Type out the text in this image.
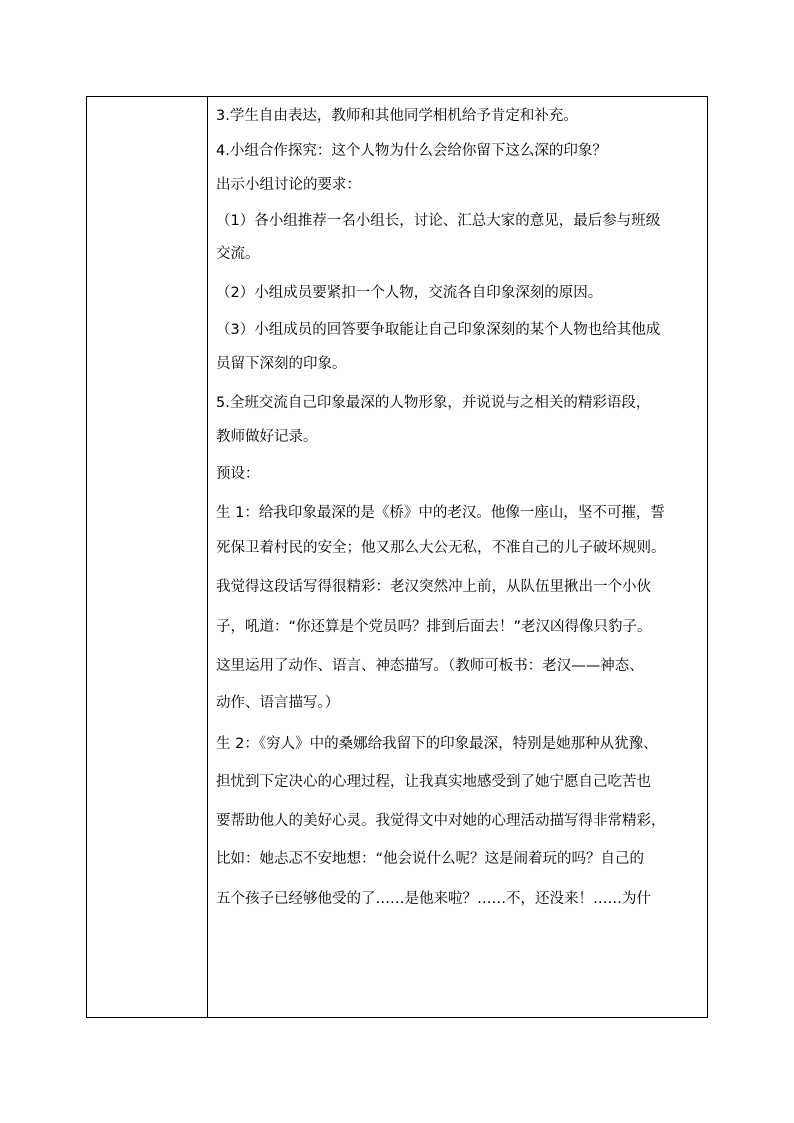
3.学生自由表达，教师和其他同学相机给予肯定和补充。
4.小组合作探究：这个人物为什么会给你留下这么深的印象？
出示小组讨论的要求：
（1）各小组推荐一名小组长，讨论、汇总大家的意见，最后参与班级
交流。
（2）小组成员要紧扣一个人物，交流各自印象深刻的原因。
（3）小组成员的回答要争取能让自己印象深刻的某个人物也给其他成
员留下深刻的印象。
5.全班交流自己印象最深的人物形象，并说说与之相关的精彩语段，
教师做好记录。
预设：
生 1：给我印象最深的是《桥》中的老汉。他像一座山，坚不可摧，誓
死保卫着村民的安全；他又那么大公无私，不准自己的儿子破坏规则。
我觉得这段话写得很精彩：老汉突然冲上前，从队伍里揪出一个小伙
子，吼道：“你还算是个党员吗？排到后面去！”老汉凶得像只豹子。
这里运用了动作、语言、神态描写。（教师可板书：老汉——神态、
动作、语言描写。）
生 2：《穷人》中的桑娜给我留下的印象最深，特别是她那种从犹豫、
担忧到下定决心的心理过程，让我真实地感受到了她宁愿自己吃苦也
要帮助他人的美好心灵。我觉得文中对她的心理活动描写得非常精彩，
比如：她忐忑不安地想：“他会说什么呢？这是闹着玩的吗？自己的
五个孩子已经够他受的了……是他来啦？……不，还没来！……为什
